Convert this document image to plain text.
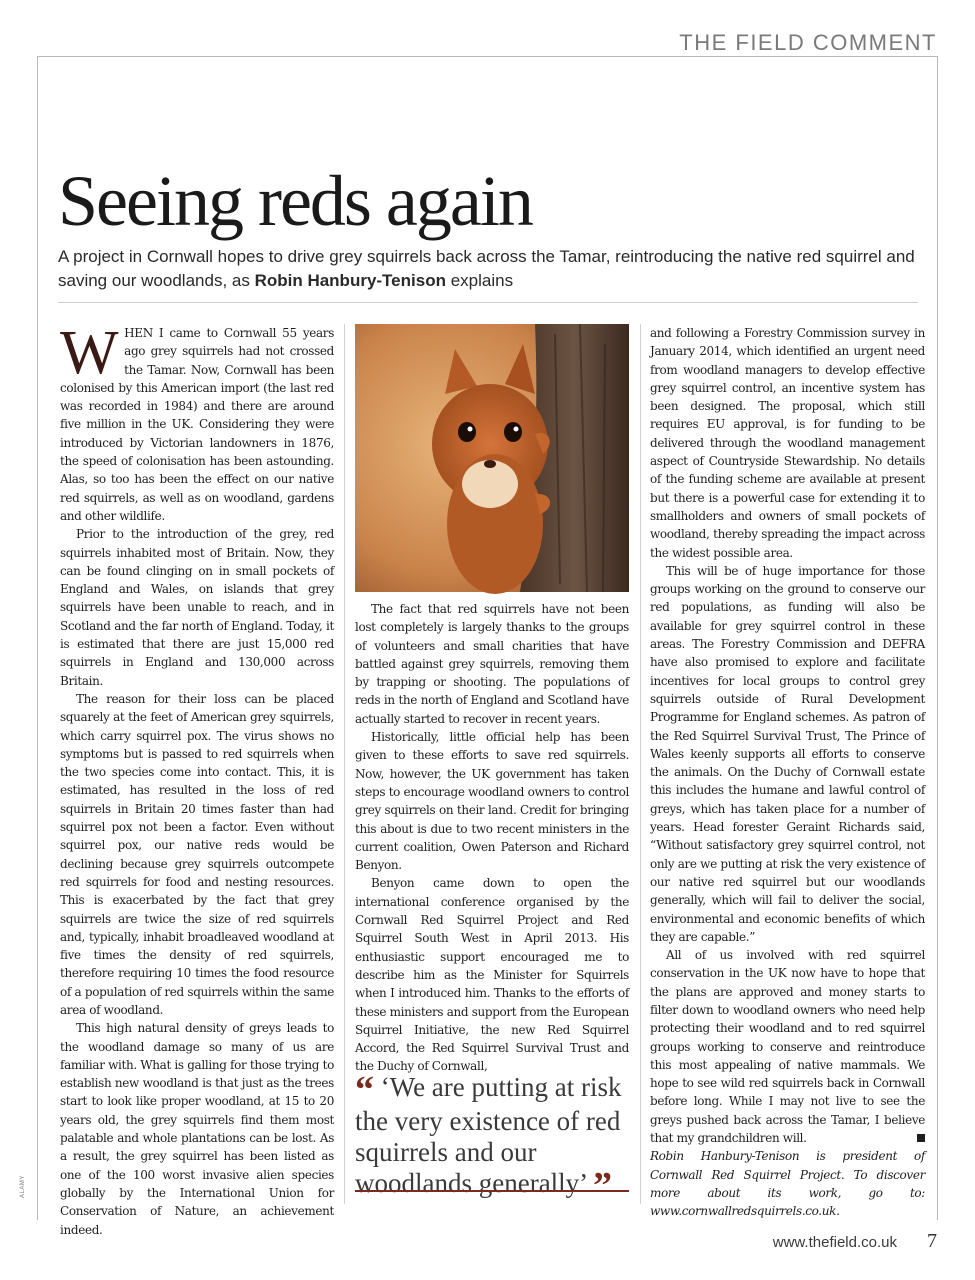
THE FIELD COMMENT
Seeing reds again

A project in Cornwall hopes to drive grey squirrels back across the Tamar, reintroducing the native red squirrel and saving our woodlands, as Robin Hanbury-Tenison explains

WHEN I came to Cornwall 55 years ago grey squirrels had not crossed the Tamar. Now, Cornwall has been colonised by this American import (the last red was recorded in 1984) and there are around five million in the UK. Considering they were introduced by Victorian landowners in 1876, the speed of colonisation has been astounding. Alas, so too has been the effect on our native red squirrels, as well as on woodland, gardens and other wildlife.

Prior to the introduction of the grey, red squirrels inhabited most of Britain. Now, they can be found clinging on in small pockets of England and Wales, on islands that grey squirrels have been unable to reach, and in Scotland and the far north of England. Today, it is estimated that there are just 15,000 red squirrels in England and 130,000 across Britain.

The reason for their loss can be placed squarely at the feet of American grey squirrels, which carry squirrel pox. The virus shows no symptoms but is passed to red squirrels when the two species come into contact. This, it is estimated, has resulted in the loss of red squirrels in Britain 20 times faster than had squirrel pox not been a factor. Even without squirrel pox, our native reds would be declining because grey squirrels outcompete red squirrels for food and nesting resources. This is exacerbated by the fact that grey squirrels are twice the size of red squirrels and, typically, inhabit broadleaved woodland at five times the density of red squirrels, therefore requiring 10 times the food resource of a population of red squirrels within the same area of woodland.

This high natural density of greys leads to the woodland damage so many of us are familiar with. What is galling for those trying to establish new woodland is that just as the trees start to look like proper woodland, at 15 to 20 years old, the grey squirrels find them most palatable and whole plantations can be lost. As a result, the grey squirrel has been listed as one of the 100 worst invasive alien species globally by the International Union for Conservation of Nature, an achievement indeed.

The fact that red squirrels have not been lost completely is largely thanks to the groups of volunteers and small charities that have battled against grey squirrels, removing them by trapping or shooting. The populations of reds in the north of England and Scotland have actually started to recover in recent years.

Historically, little official help has been given to these efforts to save red squirrels. Now, however, the UK government has taken steps to encourage woodland owners to control grey squirrels on their land. Credit for bringing this about is due to two recent ministers in the current coalition, Owen Paterson and Richard Benyon.

Benyon came down to open the international conference organised by the Cornwall Red Squirrel Project and Red Squirrel South West in April 2013. His enthusiastic support encouraged me to describe him as the Minister for Squirrels when I introduced him. Thanks to the efforts of these ministers and support from the European Squirrel Initiative, the new Red Squirrel Accord, the Red Squirrel Survival Trust and the Duchy of Cornwall,

“ ‘We are putting at risk the very existence of red squirrels and our woodlands generally’ ”

and following a Forestry Commission survey in January 2014, which identified an urgent need from woodland managers to develop effective grey squirrel control, an incentive system has been designed. The proposal, which still requires EU approval, is for funding to be delivered through the woodland management aspect of Countryside Stewardship. No details of the funding scheme are available at present but there is a powerful case for extending it to smallholders and owners of small pockets of woodland, thereby spreading the impact across the widest possible area.

This will be of huge importance for those groups working on the ground to conserve our red populations, as funding will also be available for grey squirrel control in these areas. The Forestry Commission and DEFRA have also promised to explore and facilitate incentives for local groups to control grey squirrels outside of Rural Development Programme for England schemes. As patron of the Red Squirrel Survival Trust, The Prince of Wales keenly supports all efforts to conserve the animals. On the Duchy of Cornwall estate this includes the humane and lawful control of greys, which has taken place for a number of years. Head forester Geraint Richards said, “Without satisfactory grey squirrel control, not only are we putting at risk the very existence of our native red squirrel but our woodlands generally, which will fail to deliver the social, environmental and economic benefits of which they are capable.”

All of us involved with red squirrel conservation in the UK now have to hope that the plans are approved and money starts to filter down to woodland owners who need help protecting their woodland and to red squirrel groups working to conserve and reintroduce this most appealing of native mammals. We hope to see wild red squirrels back in Cornwall before long. While I may not live to see the greys pushed back across the Tamar, I believe that my grandchildren will.

Robin Hanbury-Tenison is president of Cornwall Red Squirrel Project. To discover more about its work, go to: www.cornwallredsquirrels.co.uk.

ALAMY
www.thefield.co.uk 7
